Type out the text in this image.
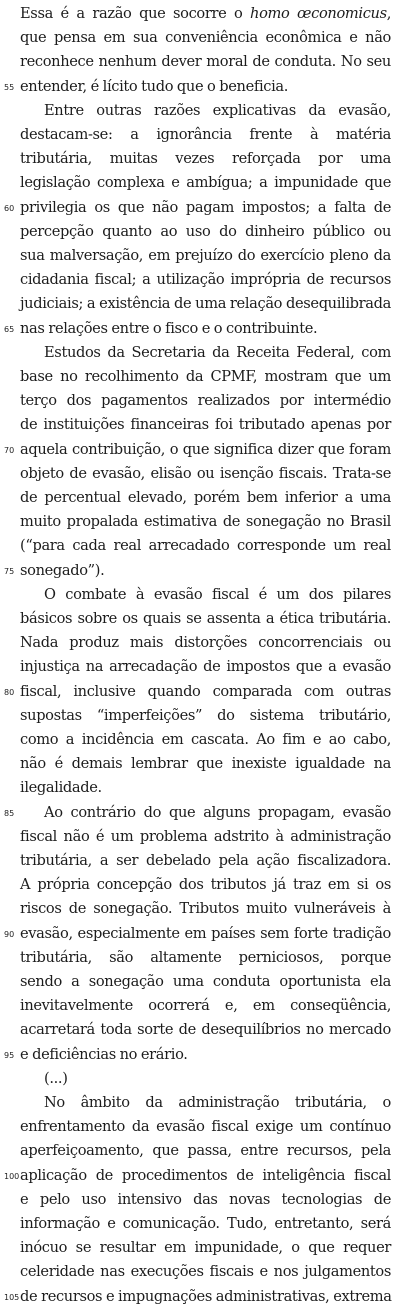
Essa é a razão que socorre o homo œconomicus,
que pensa em sua conveniência econômica e não
reconhece nenhum dever moral de conduta. No seu
entender, é lícito tudo que o beneficia.
Entre outras razões explicativas da evasão,
destacam-se: a ignorância frente à matéria
tributária, muitas vezes reforçada por uma
legislação complexa e ambígua; a impunidade que
privilegia os que não pagam impostos; a falta de
percepção quanto ao uso do dinheiro público ou
sua malversação, em prejuízo do exercício pleno da
cidadania fiscal; a utilização imprópria de recursos
judiciais; a existência de uma relação desequilibrada
nas relações entre o fisco e o contribuinte.
Estudos da Secretaria da Receita Federal, com
base no recolhimento da CPMF, mostram que um
terço dos pagamentos realizados por intermédio
de instituições financeiras foi tributado apenas por
aquela contribuição, o que significa dizer que foram
objeto de evasão, elisão ou isenção fiscais. Trata-se
de percentual elevado, porém bem inferior a uma
muito propalada estimativa de sonegação no Brasil
(“para cada real arrecadado corresponde um real
sonegado”).
O combate à evasão fiscal é um dos pilares
básicos sobre os quais se assenta a ética tributária.
Nada produz mais distorções concorrenciais ou
injustiça na arrecadação de impostos que a evasão
fiscal, inclusive quando comparada com outras
supostas “imperfeições” do sistema tributário,
como a incidência em cascata. Ao fim e ao cabo,
não é demais lembrar que inexiste igualdade na
ilegalidade.
Ao contrário do que alguns propagam, evasão
fiscal não é um problema adstrito à administração
tributária, a ser debelado pela ação fiscalizadora.
A própria concepção dos tributos já traz em si os
riscos de sonegação. Tributos muito vulneráveis à
evasão, especialmente em países sem forte tradição
tributária, são altamente perniciosos, porque
sendo a sonegação uma conduta oportunista ela
inevitavelmente ocorrerá e, em conseqüência,
acarretará toda sorte de desequilíbrios no mercado
e deficiências no erário.
(...)
No âmbito da administração tributária, o
enfrentamento da evasão fiscal exige um contínuo
aperfeiçoamento, que passa, entre recursos, pela
aplicação de procedimentos de inteligência fiscal
e pelo uso intensivo das novas tecnologias de
informação e comunicação. Tudo, entretanto, será
inócuo se resultar em impunidade, o que requer
celeridade nas execuções fiscais e nos julgamentos
de recursos e impugnações administrativas, extrema
55
60
65
70
75
80
85
90
95
100
105
